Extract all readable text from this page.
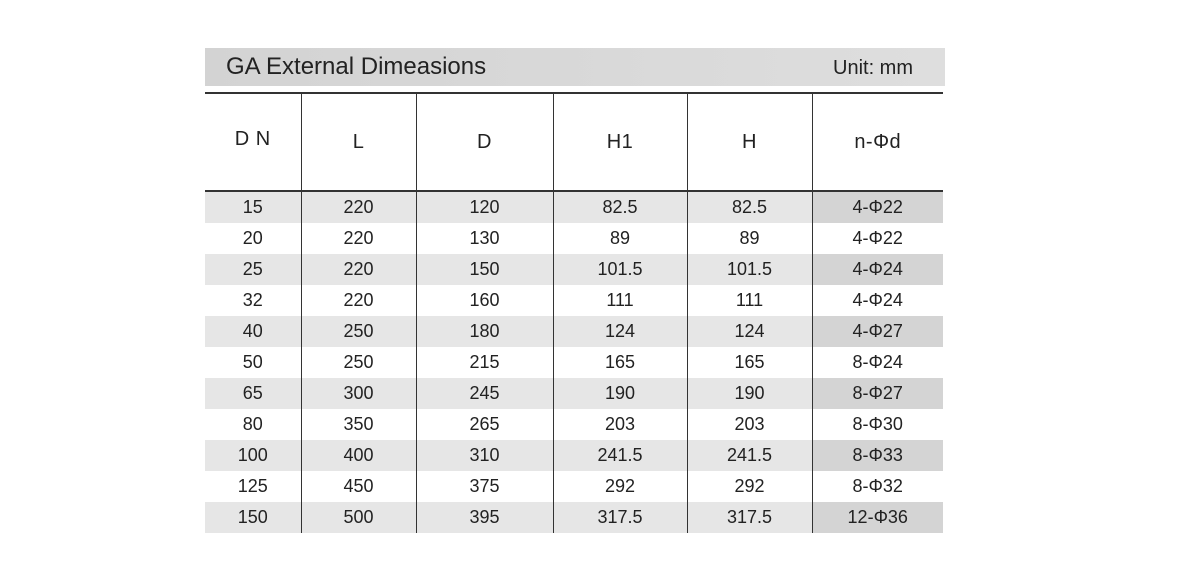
GA External Dimeasions	Unit: mm
D N	L	D	H1	H	n-Φd
15	220	120	82.5	82.5	4-Φ22
20	220	130	89	89	4-Φ22
25	220	150	101.5	101.5	4-Φ24
32	220	160	111	111	4-Φ24
40	250	180	124	124	4-Φ27
50	250	215	165	165	8-Φ24
65	300	245	190	190	8-Φ27
80	350	265	203	203	8-Φ30
100	400	310	241.5	241.5	8-Φ33
125	450	375	292	292	8-Φ32
150	500	395	317.5	317.5	12-Φ36
